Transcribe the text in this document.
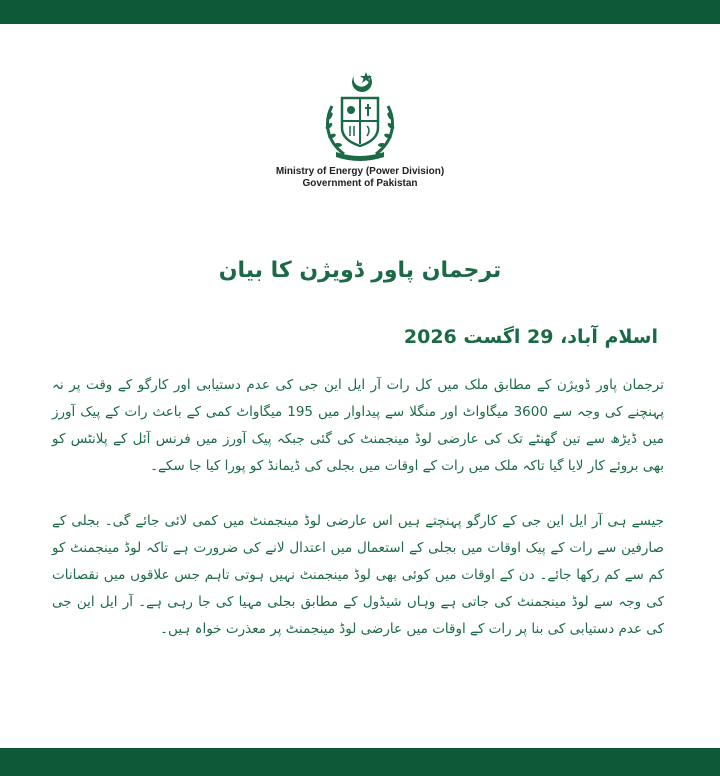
Ministry of Energy (Power Division)
Government of Pakistan
ترجمان پاور ڈویژن کا بیان
اسلام آباد، 29 اگست 2026
ترجمان پاور ڈویژن کے مطابق ملک میں کل رات آر ایل این جی کی عدم دستیابی اور کارگو کے وقت پر نہ پہنچنے کی وجہ سے 3600 میگاواٹ اور منگلا سے پیداوار میں 195 میگاواٹ کمی کے باعث رات کے پیک آورز میں ڈیڑھ سے تین گھنٹے تک کی عارضی لوڈ مینجمنٹ کی گئی جبکہ پیک آورز میں فرنس آئل کے پلانٹس کو بھی بروئے کار لایا گیا تاکہ ملک میں رات کے اوقات میں بجلی کی ڈیمانڈ کو پورا کیا جا سکے۔
جیسے ہی آر ایل این جی کے کارگو پہنچتے ہیں اس عارضی لوڈ مینجمنٹ میں کمی لائی جائے گی۔ بجلی کے صارفین سے رات کے پیک اوقات میں بجلی کے استعمال میں اعتدال لانے کی ضرورت ہے تاکہ لوڈ مینجمنٹ کو کم سے کم رکھا جائے۔ دن کے اوقات میں کوئی بھی لوڈ مینجمنٹ نہیں ہوتی تاہم جس علاقوں میں نقصانات کی وجہ سے لوڈ مینجمنٹ کی جاتی ہے وہاں شیڈول کے مطابق بجلی مہیا کی جا رہی ہے۔ آر ایل این جی کی عدم دستیابی کی بنا پر رات کے اوقات میں عارضی لوڈ مینجمنٹ پر معذرت خواہ ہیں۔
